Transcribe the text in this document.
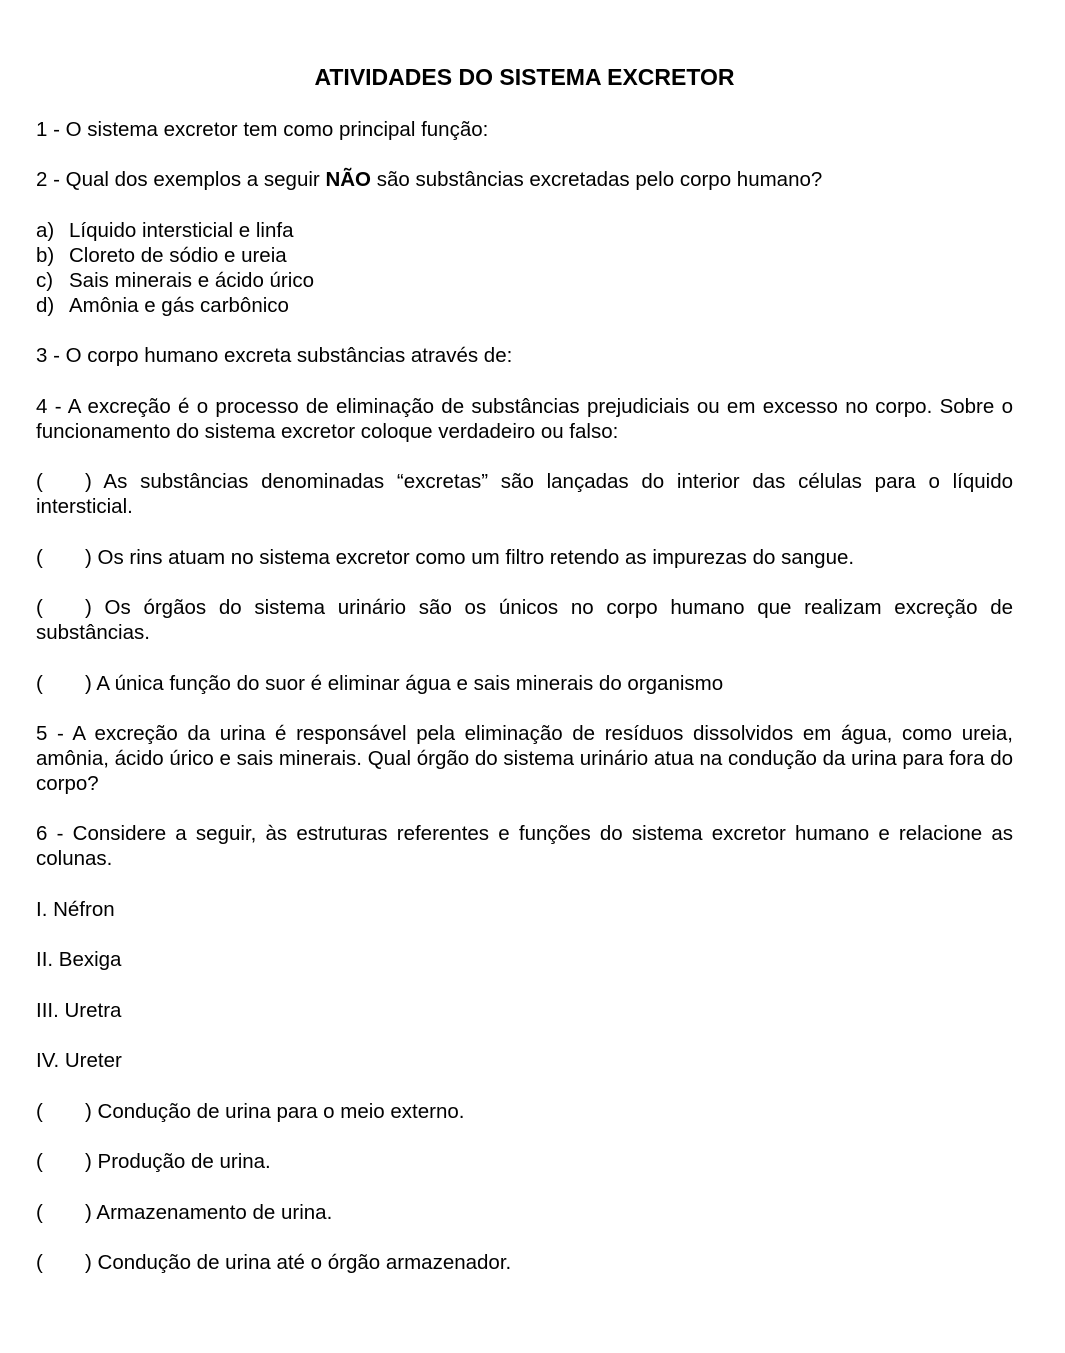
ATIVIDADES DO SISTEMA EXCRETOR
1 - O sistema excretor tem como principal função:
2 - Qual dos exemplos a seguir NÃO são substâncias excretadas pelo corpo humano?
a) Líquido intersticial e linfa
b) Cloreto de sódio e ureia
c) Sais minerais e ácido úrico
d) Amônia e gás carbônico
3 - O corpo humano excreta substâncias através de:
4 - A excreção é o processo de eliminação de substâncias prejudiciais ou em excesso no corpo. Sobre o funcionamento do sistema excretor coloque verdadeiro ou falso:
( ) As substâncias denominadas “excretas” são lançadas do interior das células para o líquido intersticial.
( ) Os rins atuam no sistema excretor como um filtro retendo as impurezas do sangue.
( ) Os órgãos do sistema urinário são os únicos no corpo humano que realizam excreção de substâncias.
( ) A única função do suor é eliminar água e sais minerais do organismo
5 - A excreção da urina é responsável pela eliminação de resíduos dissolvidos em água, como ureia, amônia, ácido úrico e sais minerais. Qual órgão do sistema urinário atua na condução da urina para fora do corpo?
6 - Considere a seguir, às estruturas referentes e funções do sistema excretor humano e relacione as colunas.
I. Néfron
II. Bexiga
III. Uretra
IV. Ureter
( ) Condução de urina para o meio externo.
( ) Produção de urina.
( ) Armazenamento de urina.
( ) Condução de urina até o órgão armazenador.
